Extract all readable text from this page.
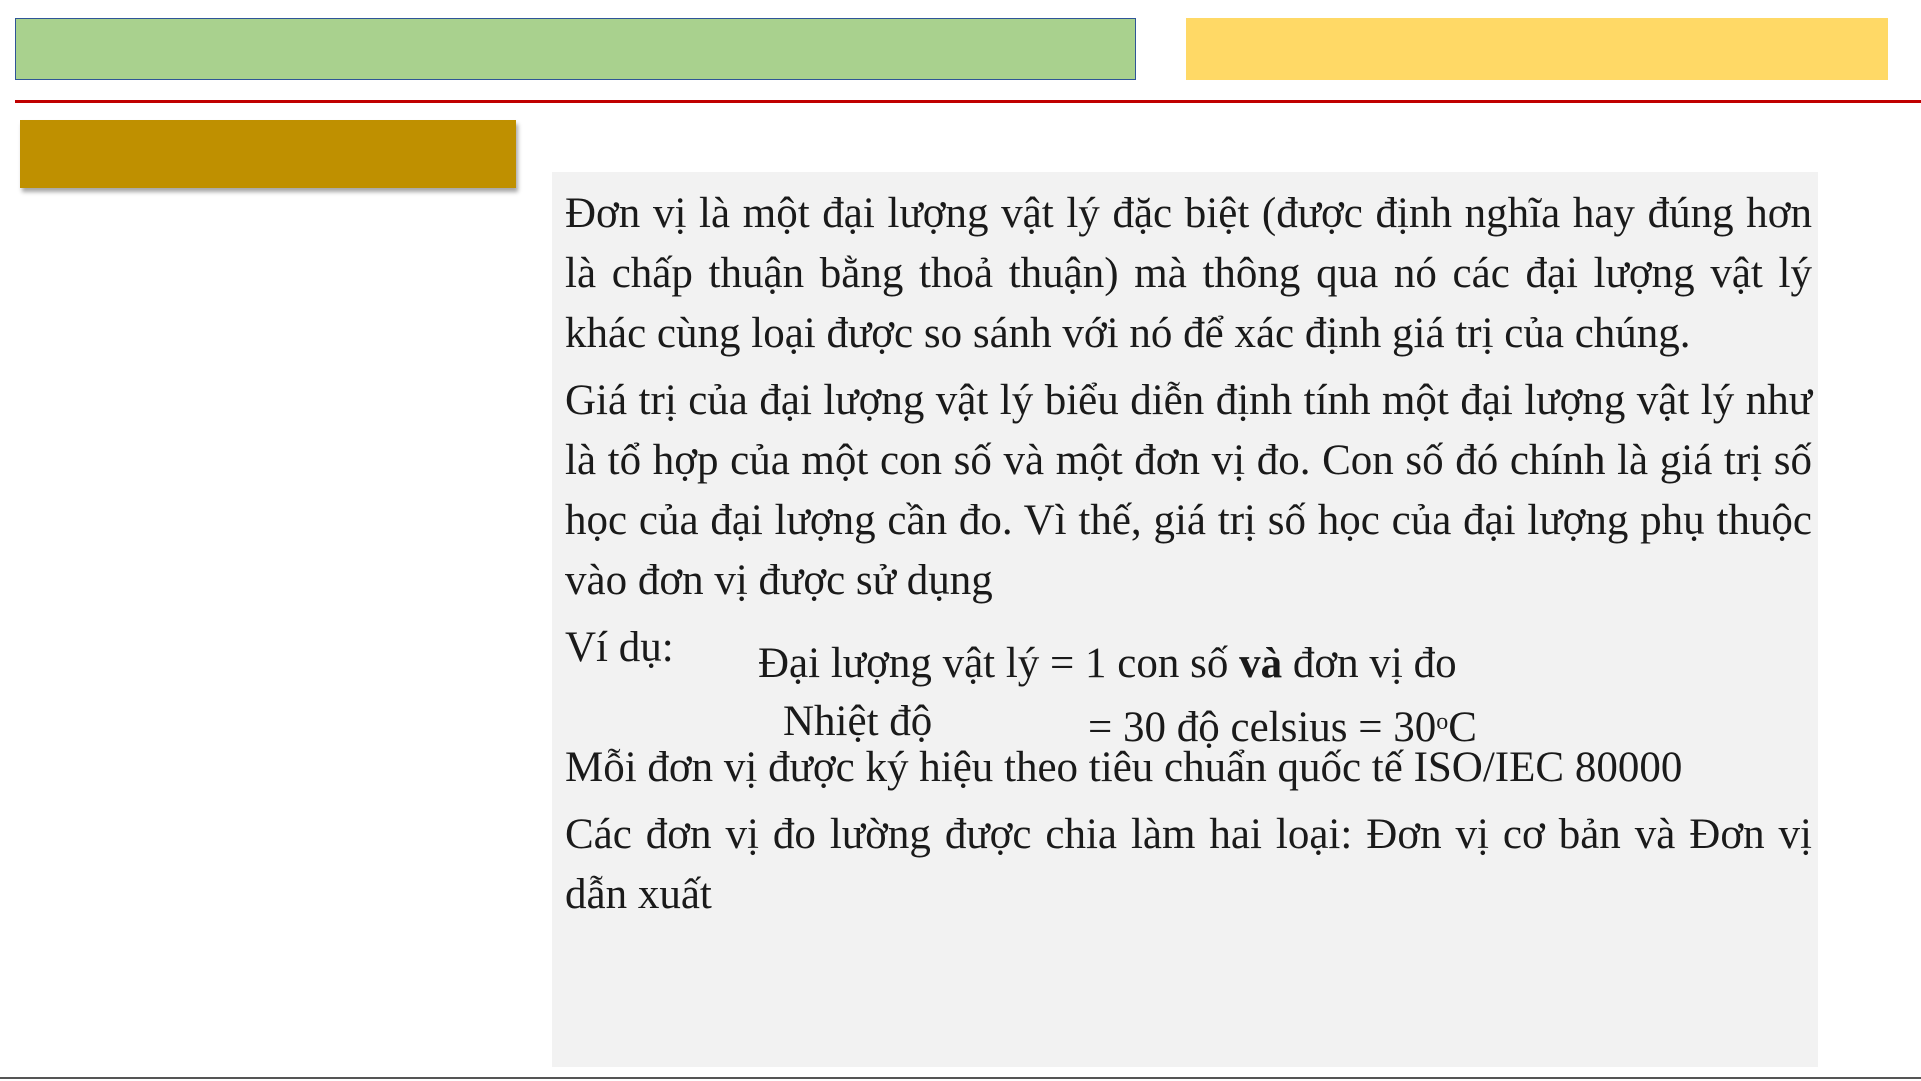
Đơn vị là một đại lượng vật lý đặc biệt (được định nghĩa hay đúng hơn là chấp thuận bằng thoả thuận) mà thông qua nó các đại lượng vật lý khác cùng loại được so sánh với nó để xác định giá trị của chúng.

Giá trị của đại lượng vật lý biểu diễn định tính một đại lượng vật lý như là tổ hợp của một con số và một đơn vị đo. Con số đó chính là giá trị số học của đại lượng cần đo. Vì thế, giá trị số học của đại lượng phụ thuộc vào đơn vị được sử dụng

Ví dụ: Đại lượng vật lý = 1 con số và đơn vị đo
Nhiệt độ	= 30 độ celsius = $30^oC$

Mỗi đơn vị được ký hiệu theo tiêu chuẩn quốc tế ISO/IEC 80000

Các đơn vị đo lường được chia làm hai loại: Đơn vị cơ bản và Đơn vị dẫn xuất
